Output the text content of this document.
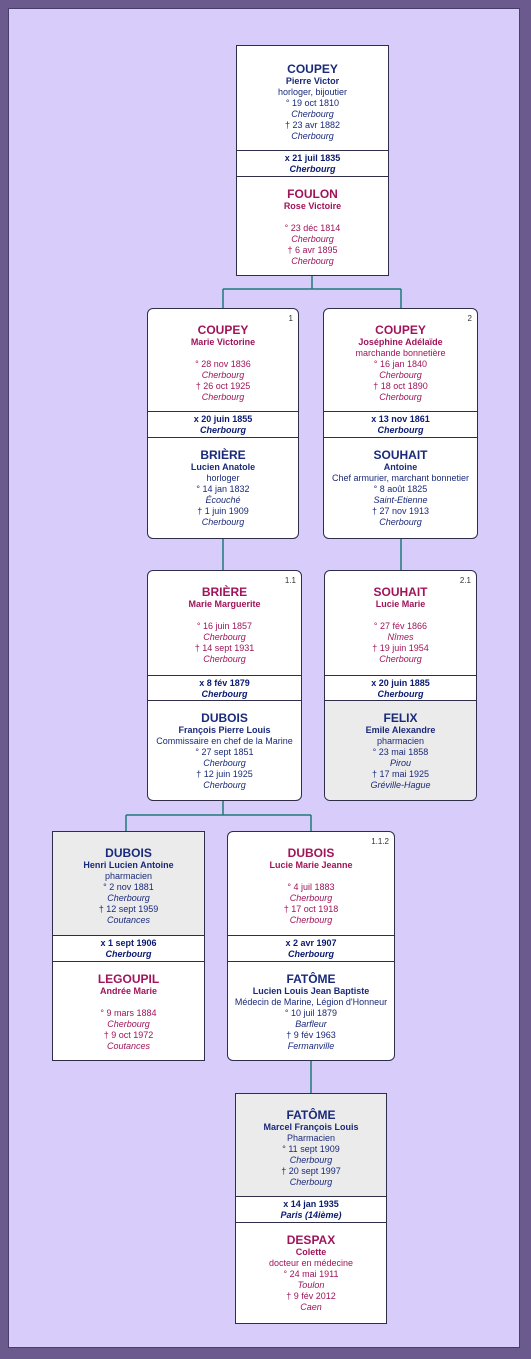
COUPEY
Pierre Victor
horloger, bijoutier
° 19 oct 1810
Cherbourg
† 23 avr 1882
Cherbourg
x 21 juil 1835
Cherbourg
FOULON
Rose Victoire
° 23 déc 1814
Cherbourg
† 6 avr 1895
Cherbourg
1
COUPEY
Marie Victorine
° 28 nov 1836
Cherbourg
† 26 oct 1925
Cherbourg
x 20 juin 1855
Cherbourg
BRIÈRE
Lucien Anatole
horloger
° 14 jan 1832
Écouché
† 1 juin 1909
Cherbourg
2
COUPEY
Joséphine Adélaïde
marchande bonnetière
° 16 jan 1840
Cherbourg
† 18 oct 1890
Cherbourg
x 13 nov 1861
Cherbourg
SOUHAIT
Antoine
Chef armurier, marchant bonnetier
° 8 août 1825
Saint-Etienne
† 27 nov 1913
Cherbourg
1.1
BRIÈRE
Marie Marguerite
° 16 juin 1857
Cherbourg
† 14 sept 1931
Cherbourg
x 8 fév 1879
Cherbourg
DUBOIS
François Pierre Louis
Commissaire en chef de la Marine
° 27 sept 1851
Cherbourg
† 12 juin 1925
Cherbourg
2.1
SOUHAIT
Lucie Marie
° 27 fév 1866
Nîmes
† 19 juin 1954
Cherbourg
x 20 juin 1885
Cherbourg
FELIX
Emile Alexandre
pharmacien
° 23 mai 1858
Pirou
† 17 mai 1925
Gréville-Hague
DUBOIS
Henri Lucien Antoine
pharmacien
° 2 nov 1881
Cherbourg
† 12 sept 1959
Coutances
x 1 sept 1906
Cherbourg
LEGOUPIL
Andrée Marie
° 9 mars 1884
Cherbourg
† 9 oct 1972
Coutances
1.1.2
DUBOIS
Lucie Marie Jeanne
° 4 juil 1883
Cherbourg
† 17 oct 1918
Cherbourg
x 2 avr 1907
Cherbourg
FATÔME
Lucien Louis Jean Baptiste
Médecin de Marine, Légion d'Honneur
° 10 juil 1879
Barfleur
† 9 fév 1963
Fermanville
FATÔME
Marcel François Louis
Pharmacien
° 11 sept 1909
Cherbourg
† 20 sept 1997
Cherbourg
x 14 jan 1935
Paris (14ième)
DESPAX
Colette
docteur en médecine
° 24 mai 1911
Toulon
† 9 fév 2012
Caen
